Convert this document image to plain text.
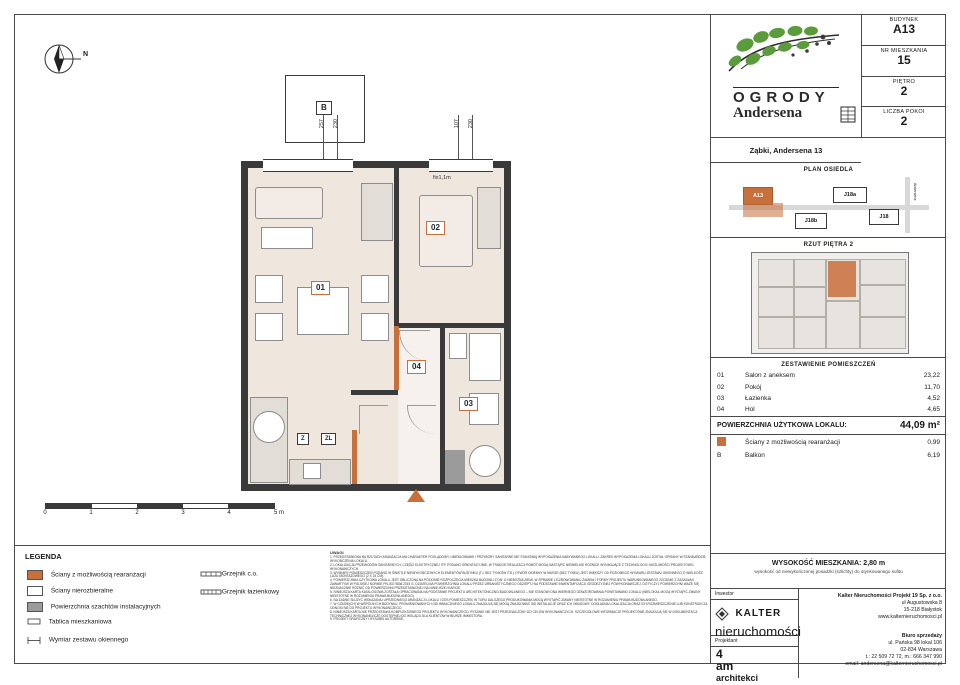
N
B
257 230	107 230
fix1,1m
Z	ZL
01
02
03
04
0	1	2	3	4	5 m
LEGENDA
Ściany z możliwością rearanżacji
Ściany nierozbieralne
Powierzchnia szachtów instalacyjnych
Tablica mieszkaniowa
Wymiar zestawu okiennego
Grzejnik c.o.
Grzejnik łazienkowy
UWAGI
1. PRZEDSTAWIONA NA RZUTACH ARANŻACJA MA CHARAKTER POGLĄDOWY, UMEBLOWANIE I PRZYBORY SANITARNE NIE STANOWIĄ WYPOSAŻENIA NABYWANEGO LOKALU. ZAKRES WYPOSAŻENIA LOKALU ZOSTAŁ OPISANY W STANDARDZIE WYKOŃCZENIA LOKALU.
2. LOKALIZACJA PRZEWODÓW SANITARNYCH, CZĘŚCI ELEKTRYCZNEJ ITP. PODANO ORIENTACYJNIE, W TRAKCIE REALIZACJI ROBÓT MOGĄ NASTĄPIĆ NIEWIELKIE RÓŻNICE WYNIKAJĄCE Z TECHNOLOGII I MOŻLIWOŚCI PROJEKTOWO-WYKONAWCZYCH.
3. WYMIARY POMIESZCZEŃ PODANO W ŚWIETLE NIEWYKOŃCZONYCH ELEMENTÓW BUDYNKU (TJ. BEZ TYNKÓW ITD.) OTWÓR OKIENNY W MURZE (BEZ TYNKU) JEST WIĘKSZY OD POZIOMEGO WYMIARU ZESTAWU OKIENNEGO O WIELKOŚĆ LUZU MONTAŻOWEGO (2 X 15 CM).
4. POWIERZCHNIA UŻYTKOWA LOKALU JEST OBLICZONA NA POZIOMIE ROZPOCZĘCIA MIESZKA BUDOWLI Z DN. O NIEBOŻNA ZIEMI. W SPRAWIE LICZBOWOWANIU ZAMKNI I FORMY PROJEKTU WARUNKOWANEGO ZGODNIE Z ZASADAMI ZAWARTYMI W POLSKIEJ NORMIE PN-ISO 9836:2015 G. DZIATELNIA POWIERZCHNIA LOKALU PRZEZ URBANISTYCZNEGO ODZIEPTJ NA PODSTAWIE INWENTARYZACJI GEODEZYJNEJ POWYKONAWCZEJ, DOTYCZYJ POWIERZCHNI WAŻE SIĘ NIEZNACZNIE RÓŻNIĆ OD POWIERZCHNI PRZEDSTAWIONEJ NA NINIEJSZEJ KARCIE.
5. NINIEJSZA KARTA KATALOGOWA ZOSTAŁA OPRACOWANA NA PODSTAWIE PROJEKTU ARCHITEKTONICZNO-BUDOWLANEGO – NIE STANOWI ONA WIERNEGO ODWZOROWANIA POWSTAWANO LOKALU (WIELOKAŁ MOGĄ WYSTĄPIĆ ZMIANY NIEISTOTNE W ROZUMIENIU PRAWA BUDOWLANEGO).
6. NA ŻADNE SŁUŻYĆ WSKAZANIU UPRZEDNIEGO ARANŻACJI LOKALU I DOS POMIESZCZEŃ, W TORU DALSZEGO PRODUKOWANIA MOGĄ WYSTĄPIĆ ZMIANY NIEISTOTNE W ROZUMIENIU PRAWA BUDOWLANEGO.
7. W CZASIE(CH) W WSPÓLNYCH BUDYNKU, PROMIENIOWANYCH ODI WNIACZNIEGO LOKALU ZNAJDUJĄ SIĘ MOGĄ ZNAJDOWAĆ SIĘ INSTALACJE ORAZ ICH OBUDOWY. DOKŁADNA LOKALIZACJA ORAZ ICH ROZMIESZCZENIE LUB KONSTRUKCJA ODNOSI SIĘ DO PROJEKTU WYKONAWCZEGO.
8. NINIEJSZA KARTA NIE PRZEDSTAWIA KOMPLEKSOWEGO PROJEKTU WYKONAWCZEGO. RYSUNKI NIE JEST PRZEZNACZONY DO CELÓW WYKONAWCZYCH. SZCZEGÓŁOWE INFORMACJE PROJEKTOWE ZNAJDUJĄ SIĘ W DOKUMENTACJI TECHNICZNEJ WYKONANEJ/CZĘ DOSTĘPNEJ DO WGLĄDU DLA KLIENTÓW W BIURZE INWESTORA.
9. PROJEKT GRAFICZNY I RYSUNKI AUTORSKIE.
OGRODY
Andersena
BUDYNEK
A13
NR MIESZKANIA
15
PIĘTRO
2
LICZBA POKOI
2
Ząbki, Andersena 13
PLAN OSIEDLA
A13
J18b
J18a
J18
Andersena
RZUT PIĘTRA 2
ZESTAWIENIE POMIESZCZEŃ
01	Salon z aneksem	23,22
02	Pokój	11,70
03	Łazienka	4,52
04	Hol	4,65
POWIERZCHNIA UŻYTKOWA LOKALU:		44,09 m²
	Ściany z możliwością rearanżacji	0,99
B	Balkon	6,19
WYSOKOŚĆ MIESZKANIA: 2,80 m
wysokość od niewykończonej posadzki (szlichty) do otynkowanego sufitu
Inwestor
KALTER nieruchomości
Projektant
4
am
architekci
Kalter Nieruchomości Projekt 19 Sp. z o.o.
ul Augustowska 8
15-218 Białystok
www.kalternieruchomosci.pl
Biuro sprzedaży
ul. Pańska 98 lokal 106
02-834 Warszawa
t.: 22 509 72 72, m.: 666 347 990
email: andersena@kalternieruchomosci.pl
